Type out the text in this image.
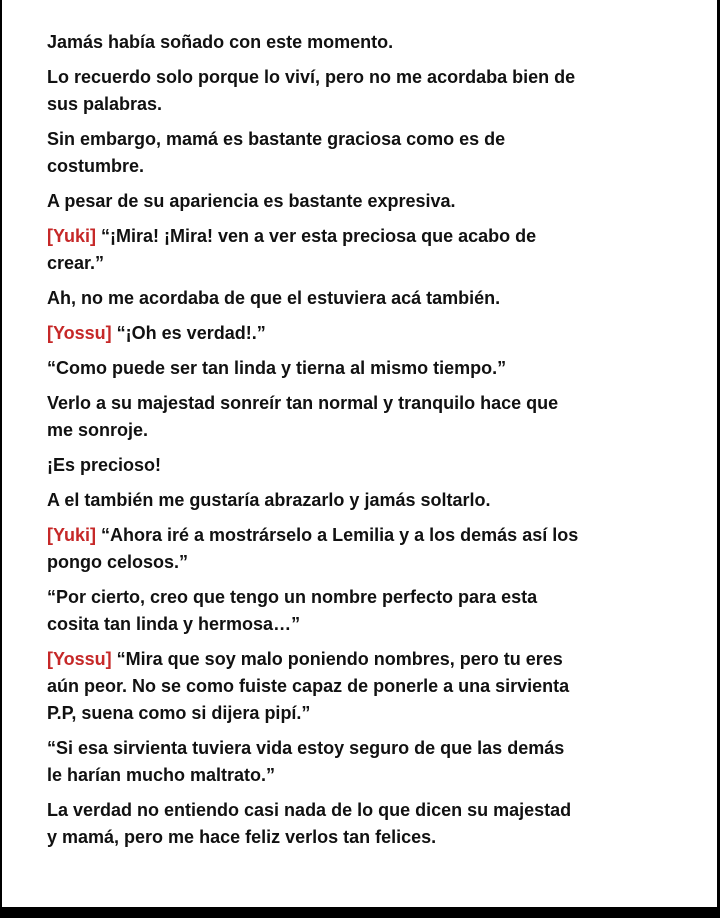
Jamás había soñado con este momento.

Lo recuerdo solo porque lo viví, pero no me acordaba bien de
sus palabras.

Sin embargo, mamá es bastante graciosa como es de
costumbre.

A pesar de su apariencia es bastante expresiva.

[Yuki] “¡Mira! ¡Mira! ven a ver esta preciosa que acabo de
crear.”

Ah, no me acordaba de que el estuviera acá también.

[Yossu] “¡Oh es verdad!.”

“Como puede ser tan linda y tierna al mismo tiempo.”

Verlo a su majestad sonreír tan normal y tranquilo hace que
me sonroje.

¡Es precioso!

A el también me gustaría abrazarlo y jamás soltarlo.

[Yuki] “Ahora iré a mostrárselo a Lemilia y a los demás así los
pongo celosos.”

“Por cierto, creo que tengo un nombre perfecto para esta
cosita tan linda y hermosa…”

[Yossu] “Mira que soy malo poniendo nombres, pero tu eres
aún peor. No se como fuiste capaz de ponerle a una sirvienta
P.P, suena como si dijera pipí.”

“Si esa sirvienta tuviera vida estoy seguro de que las demás
le harían mucho maltrato.”

La verdad no entiendo casi nada de lo que dicen su majestad
y mamá, pero me hace feliz verlos tan felices.
